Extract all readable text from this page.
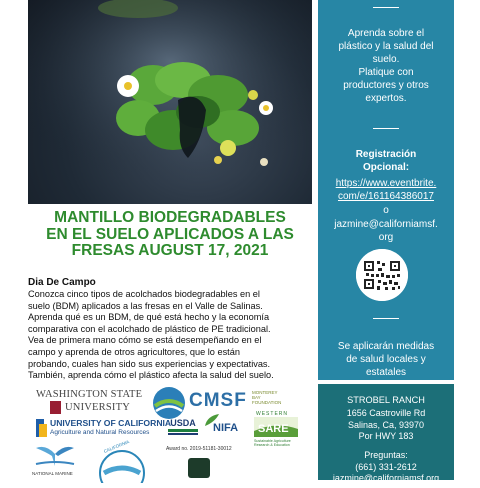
MANTILLO BIODEGRADABLES
EN EL SUELO APLICADOS A LAS
FRESAS AUGUST 17, 2021
Dia De Campo
Conozca cinco tipos de acolchados biodegradables en el
suelo (BDM) aplicados a las fresas en el Valle de Salinas.
Aprenda qué es un BDM, de qué está hecho y la economía
comparativa con el acolchado de plástico de PE tradicional.
Vea de primera mano cómo se está desempeñando en el
campo y aprenda de otros agricultores, que lo están
probando, cuales han sido sus experiencias y expectativas.
También, aprenda cómo el plástico afecta la salud del suelo.
Aprenda sobre el
plástico y la salud del
suelo.
Platique con
productores y otros
expertos.
Registración
Opcional:
https://www.eventbrite.
com/e/161164386017
o
jazmine@californiamsf.
org
Se aplicarán medidas
de salud locales y
estatales
STROBEL RANCH
1656 Castroville Rd
Salinas, Ca, 93970
Por HWY 183
Preguntas:
(661) 331-2612
jazmine@californiamsf.org
WASHINGTON STATE
UNIVERSITY	CMSF MONTEREY
BAY
FOUNDATION
UNIVERSITY OF CALIFORNIA
Agriculture and Natural Resources
USDA NIFA
Award no. 2019-51181-30012
WESTERN
SARE
Sustainable Agriculture
Research & Education
NATIONAL MARINE
CALIFORNIA
